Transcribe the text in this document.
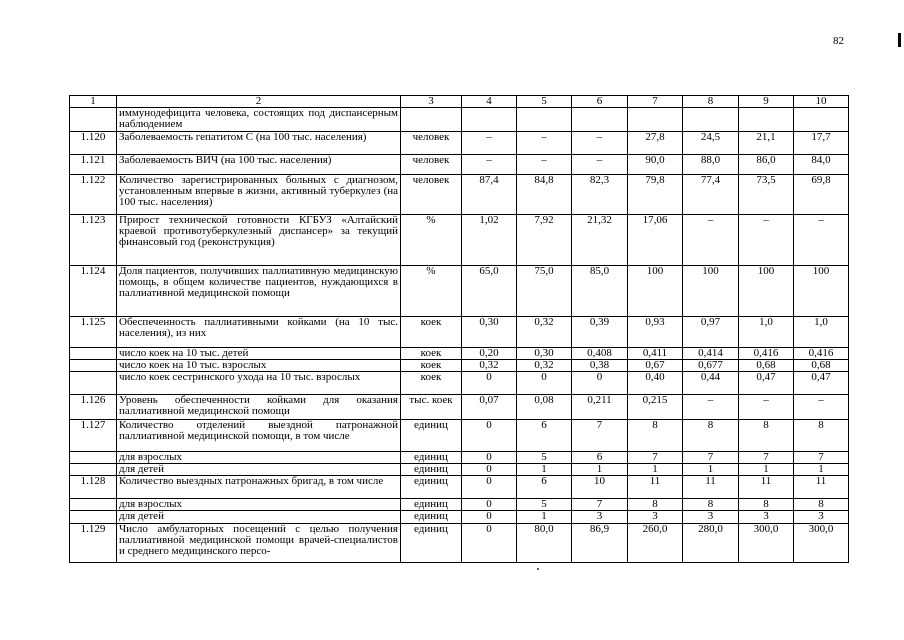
82
1	2	3	4	5	6	7	8	9	10
	иммунодефицита человека, состоящих под диспансерным наблюдением								
1.120	Заболеваемость гепатитом С (на 100 тыс. населения)	человек	–	–	–	27,8	24,5	21,1	17,7
1.121	Заболеваемость ВИЧ (на 100 тыс. населения)	человек	–	–	–	90,0	88,0	86,0	84,0
1.122	Количество зарегистрированных больных с диагнозом, установленным впервые в жизни, активный туберкулез (на 100 тыс. населения)	человек	87,4	84,8	82,3	79,8	77,4	73,5	69,8
1.123	Прирост технической готовности КГБУЗ «Алтайский краевой противотуберкулезный диспансер» за текущий финансовый год (реконструкция)	%	1,02	7,92	21,32	17,06	–	–	–
1.124	Доля пациентов, получивших паллиативную медицинскую помощь, в общем количестве пациентов, нуждающихся в паллиативной медицинской помощи	%	65,0	75,0	85,0	100	100	100	100
1.125	Обеспеченность паллиативными койками (на 10 тыс. населения), из них	коек	0,30	0,32	0,39	0,93	0,97	1,0	1,0
	число коек на 10 тыс. детей	коек	0,20	0,30	0,408	0,411	0,414	0,416	0,416
	число коек на 10 тыс. взрослых	коек	0,32	0,32	0,38	0,67	0,677	0,68	0,68
	число коек сестринского ухода на 10 тыс. взрослых	коек	0	0	0	0,40	0,44	0,47	0,47
1.126	Уровень обеспеченности койками для оказания паллиативной медицинской помощи	тыс. коек	0,07	0,08	0,211	0,215	–	–	–
1.127	Количество отделений выездной патронажной паллиативной медицинской помощи, в том числе	единиц	0	6	7	8	8	8	8
	для взрослых	единиц	0	5	6	7	7	7	7
	для детей	единиц	0	1	1	1	1	1	1
1.128	Количество выездных патронажных бригад, в том числе	единиц	0	6	10	11	11	11	11
	для взрослых	единиц	0	5	7	8	8	8	8
	для детей	единиц	0	1	3	3	3	3	3
1.129	Число амбулаторных посещений с целью получения паллиативной медицинской помощи врачей-специалистов и среднего медицинского персо-	единиц	0	80,0	86,9	260,0	280,0	300,0	300,0
